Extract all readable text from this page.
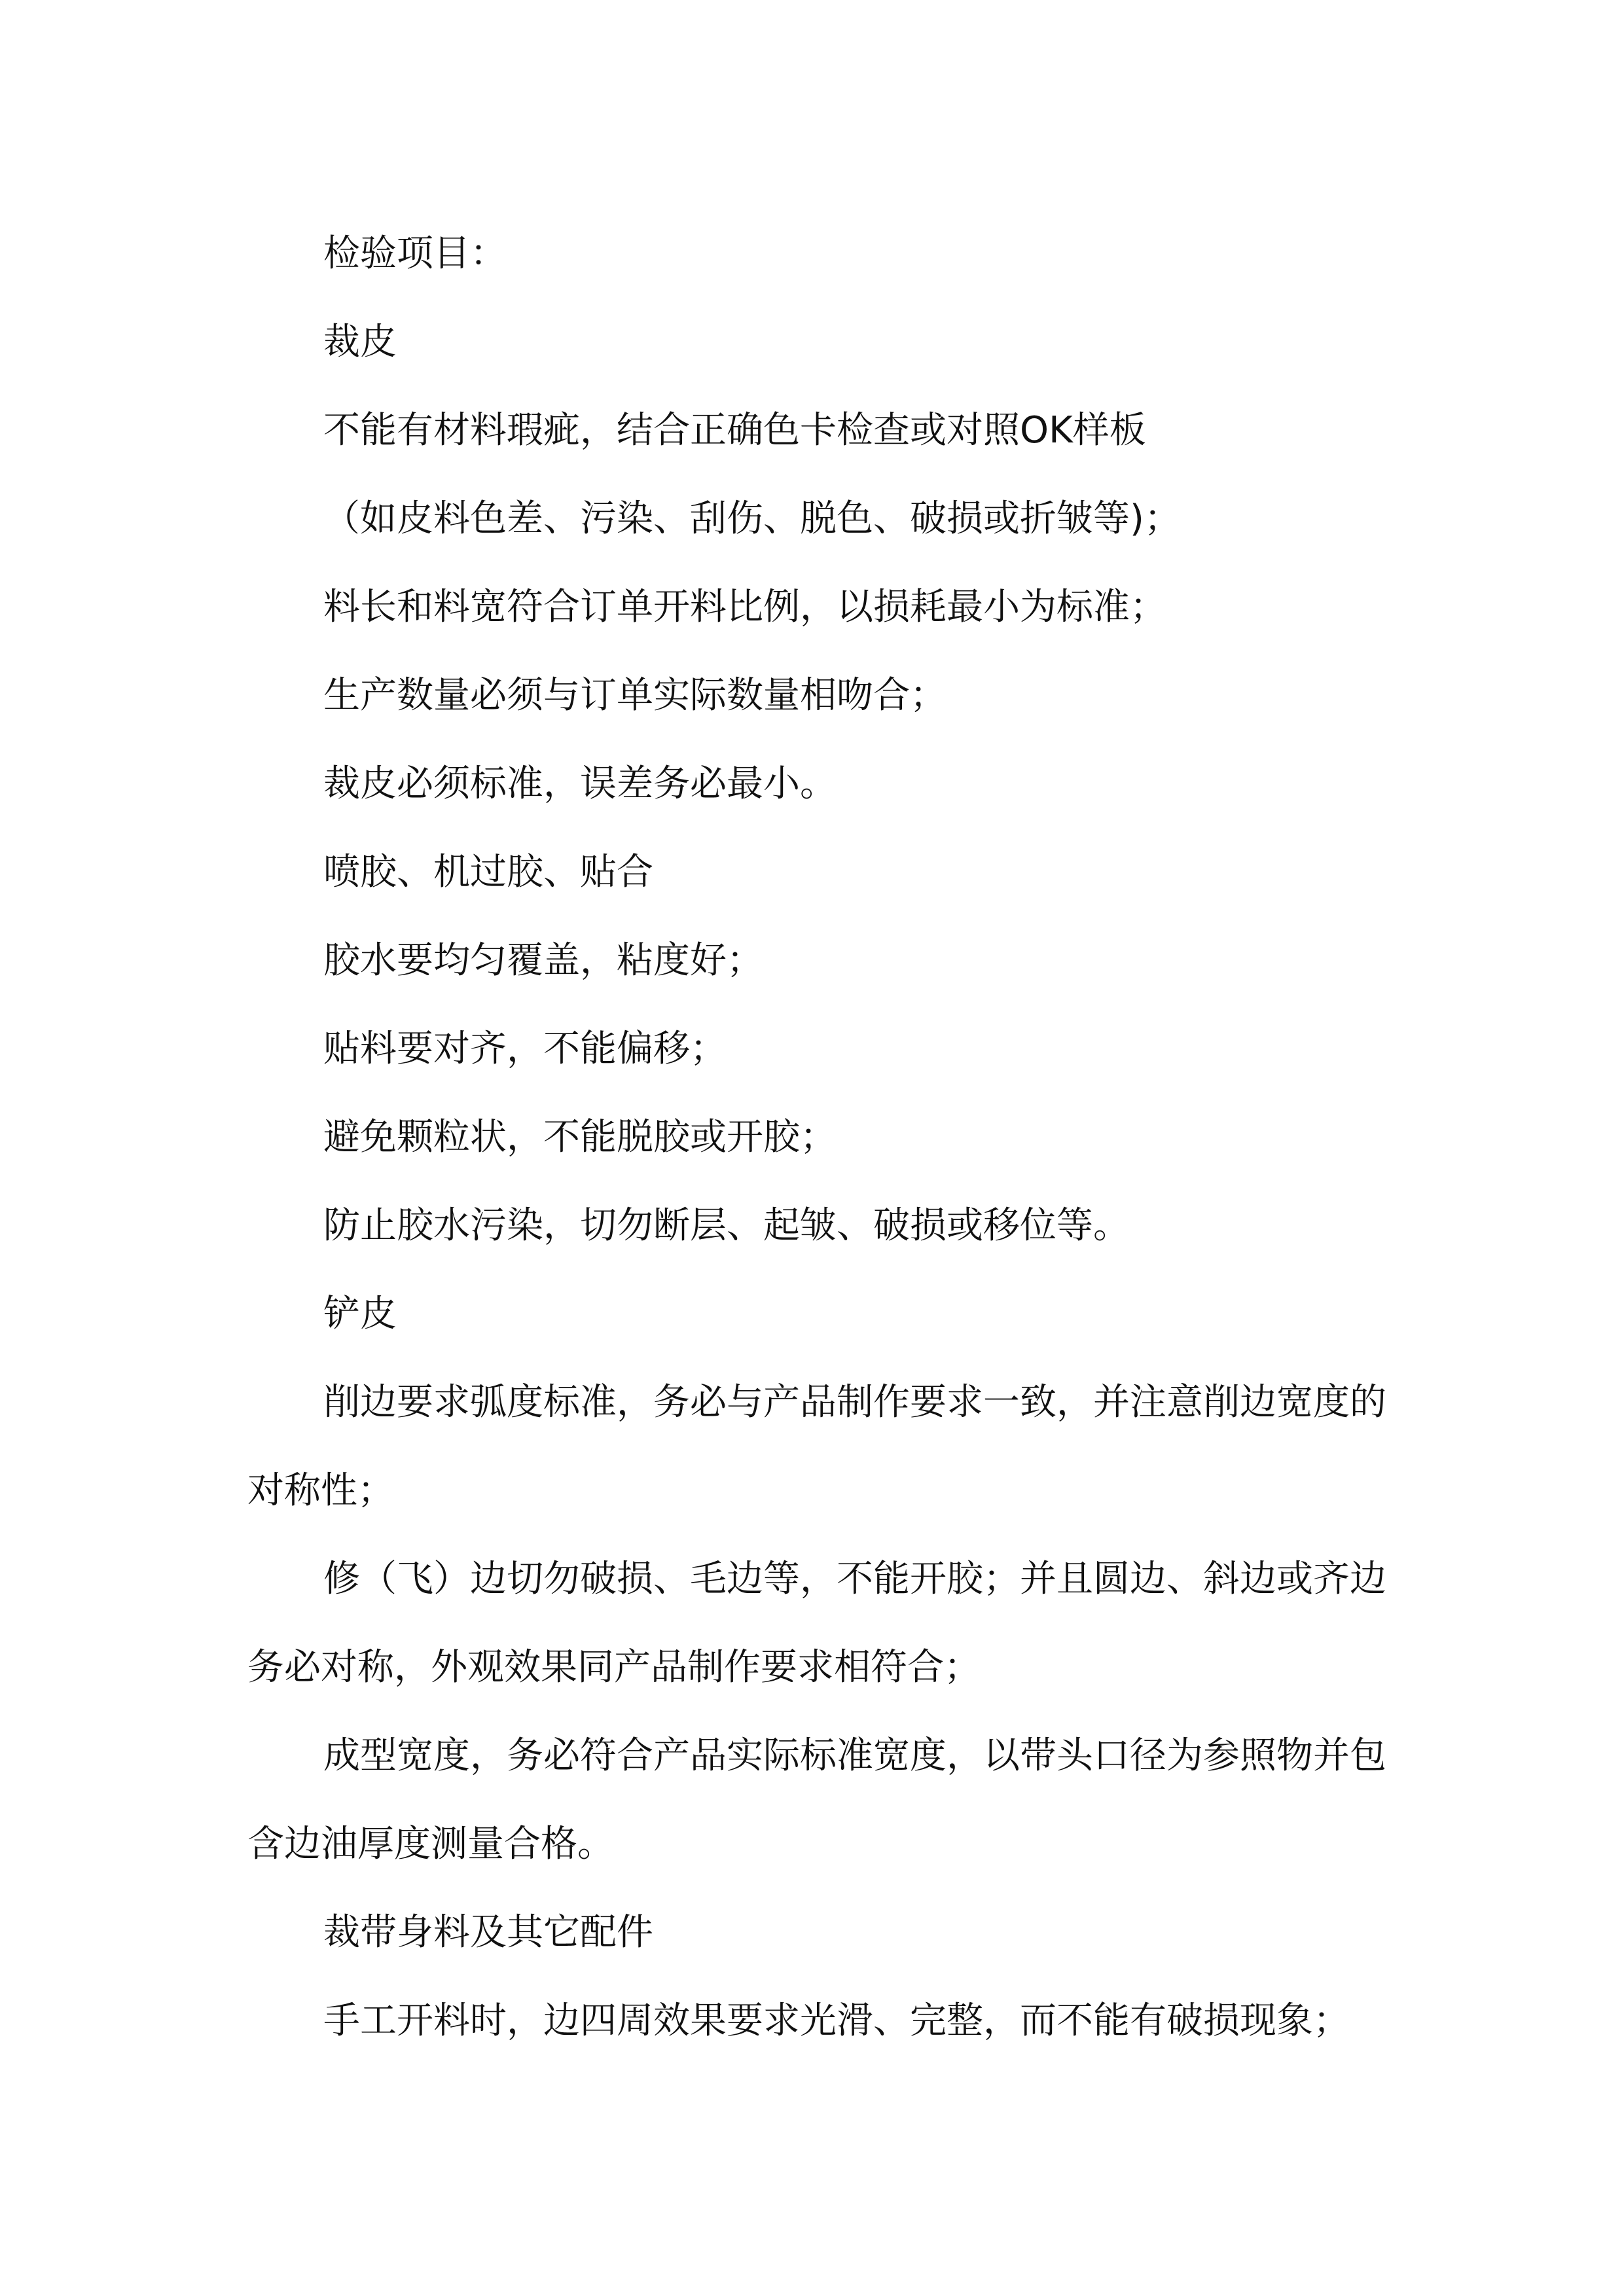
检验项目：

裁皮

不能有材料瑕疵，结合正确色卡检查或对照OK样板

（如皮料色差、污染、刮伤、脱色、破损或折皱等)；

料长和料宽符合订单开料比例，以损耗最小为标准；

生产数量必须与订单实际数量相吻合；

裁皮必须标准，误差务必最小。

喷胶、机过胶、贴合

胶水要均匀覆盖，粘度好；

贴料要对齐，不能偏移；

避免颗粒状，不能脱胶或开胶；

防止胶水污染，切勿断层、起皱、破损或移位等。

铲皮

削边要求弧度标准，务必与产品制作要求一致，并注意削边宽度的对称性；

修（飞）边切勿破损、毛边等，不能开胶；并且圆边、斜边或齐边务必对称，外观效果同产品制作要求相符合；

成型宽度，务必符合产品实际标准宽度，以带头口径为参照物并包含边油厚度测量合格。

裁带身料及其它配件

手工开料时，边四周效果要求光滑、完整，而不能有破损现象；
